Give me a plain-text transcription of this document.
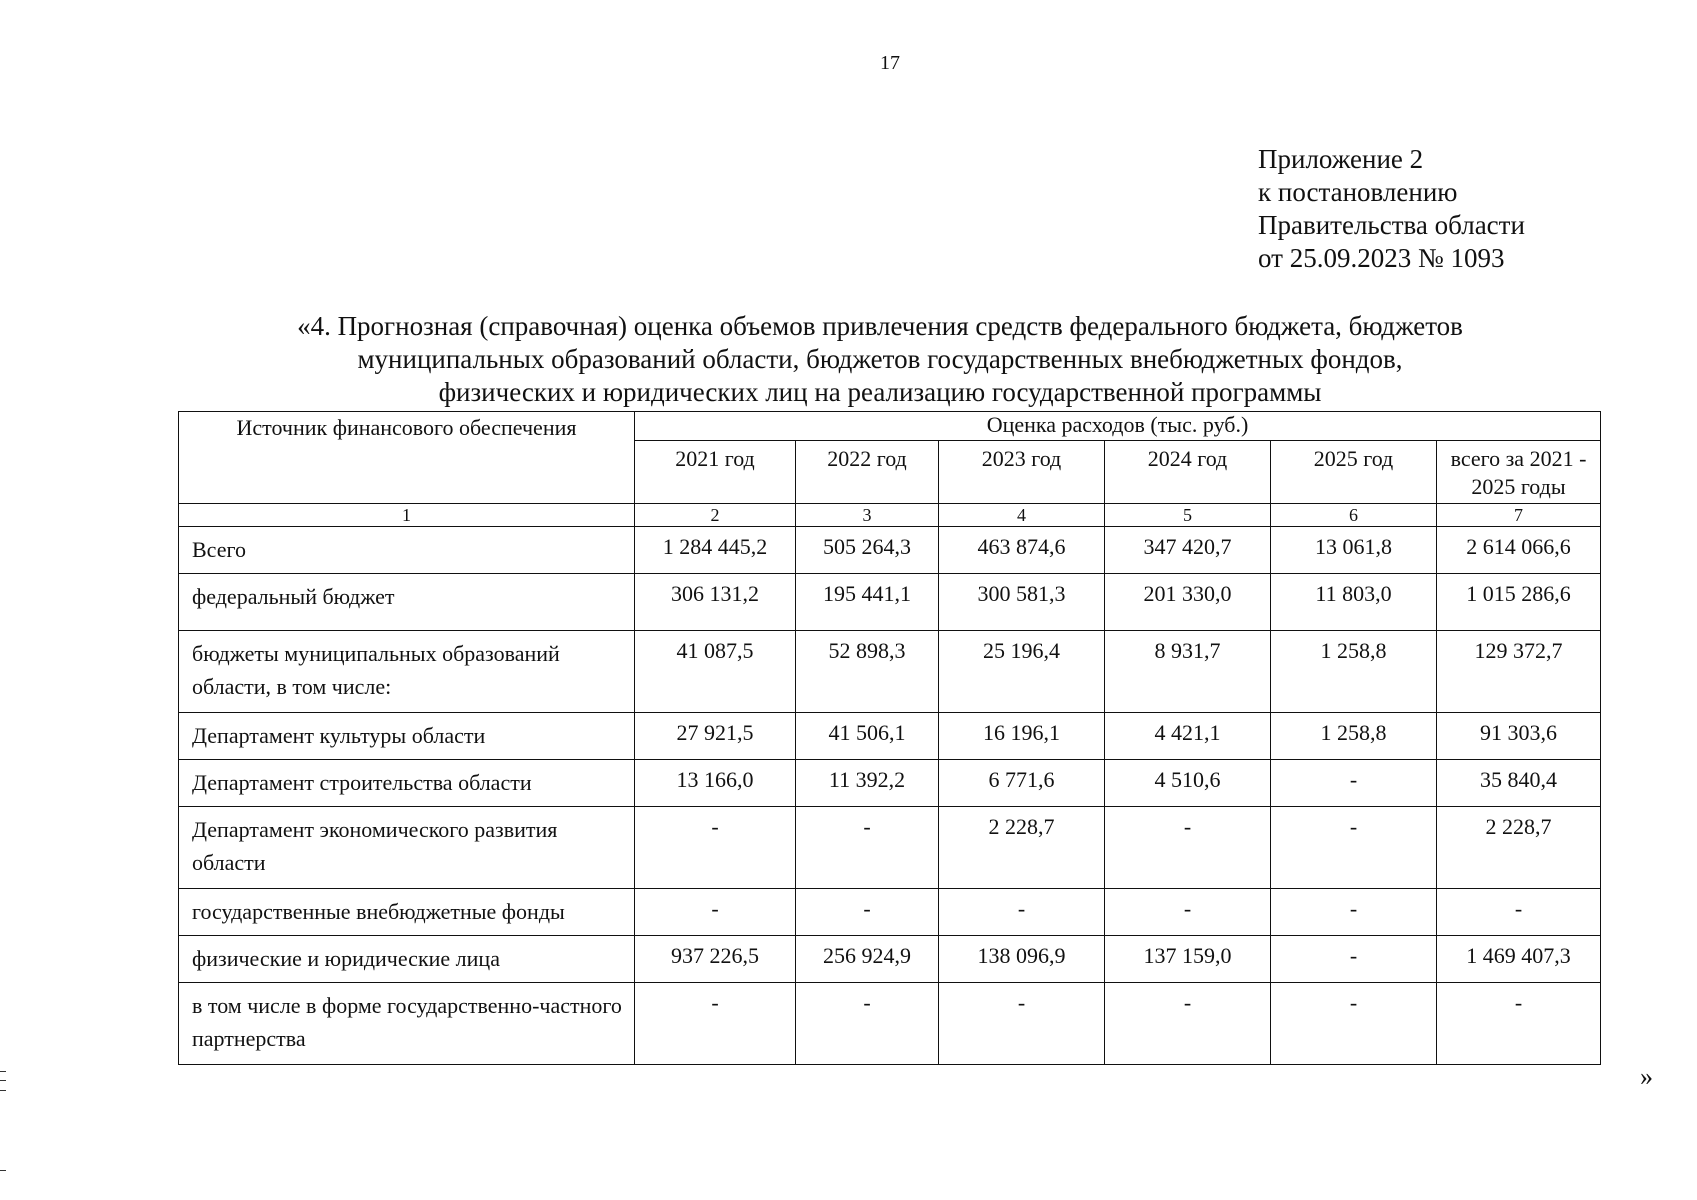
17
Приложение 2
к постановлению
Правительства области
от 25.09.2023 № 1093
«4. Прогнозная (справочная) оценка объемов привлечения средств федерального бюджета, бюджетов
муниципальных образований области, бюджетов государственных внебюджетных фондов,
физических и юридических лиц на реализацию государственной программы
Источник финансового обеспечения	Оценка расходов (тыс. руб.)					
	2021 год	2022 год	2023 год	2024 год	2025 год	всего за 2021 - 2025 годы
1	2	3	4	5	6	7
Всего	1 284 445,2	505 264,3	463 874,6	347 420,7	13 061,8	2 614 066,6
федеральный бюджет	306 131,2	195 441,1	300 581,3	201 330,0	11 803,0	1 015 286,6
бюджеты муниципальных образований области, в том числе:	41 087,5	52 898,3	25 196,4	8 931,7	1 258,8	129 372,7
Департамент культуры области	27 921,5	41 506,1	16 196,1	4 421,1	1 258,8	91 303,6
Департамент строительства области	13 166,0	11 392,2	6 771,6	4 510,6	-	35 840,4
Департамент экономического развития области	-	-	2 228,7	-	-	2 228,7
государственные внебюджетные фонды	-	-	-	-	-	-
физические и юридические лица	937 226,5	256 924,9	138 096,9	137 159,0	-	1 469 407,3
в том числе в форме государственно-частного партнерства	-	-	-	-	-	-
»
